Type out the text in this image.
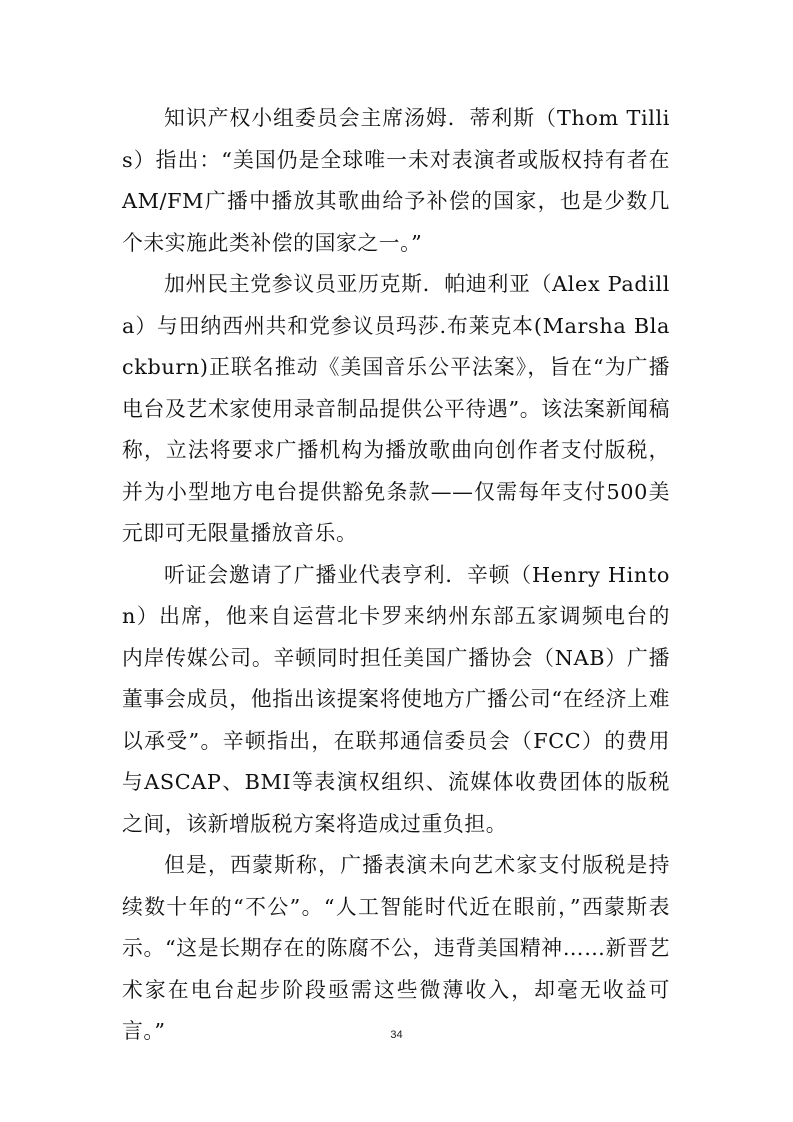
知识产权小组委员会主席汤姆．蒂利斯（Thom Tillis）指出：“美国仍是全球唯一未对表演者或版权持有者在AM/FM广播中播放其歌曲给予补偿的国家，也是少数几个未实施此类补偿的国家之一。”

加州民主党参议员亚历克斯．帕迪利亚（Alex Padilla）与田纳西州共和党参议员玛莎.布莱克本(Marsha Blackburn)正联名推动《美国音乐公平法案》，旨在“为广播电台及艺术家使用录音制品提供公平待遇”。该法案新闻稿称，立法将要求广播机构为播放歌曲向创作者支付版税，并为小型地方电台提供豁免条款——仅需每年支付500美元即可无限量播放音乐。

听证会邀请了广播业代表亨利．辛顿（Henry Hinton）出席，他来自运营北卡罗来纳州东部五家调频电台的内岸传媒公司。辛顿同时担任美国广播协会（NAB）广播董事会成员，他指出该提案将使地方广播公司“在经济上难以承受”。辛顿指出，在联邦通信委员会（FCC）的费用与ASCAP、BMI等表演权组织、流媒体收费团体的版税之间，该新增版税方案将造成过重负担。

但是，西蒙斯称，广播表演未向艺术家支付版税是持续数十年的“不公”。“人工智能时代近在眼前，”西蒙斯表示。“这是长期存在的陈腐不公，违背美国精神……新晋艺术家在电台起步阶段亟需这些微薄收入，却毫无收益可言。”	34
